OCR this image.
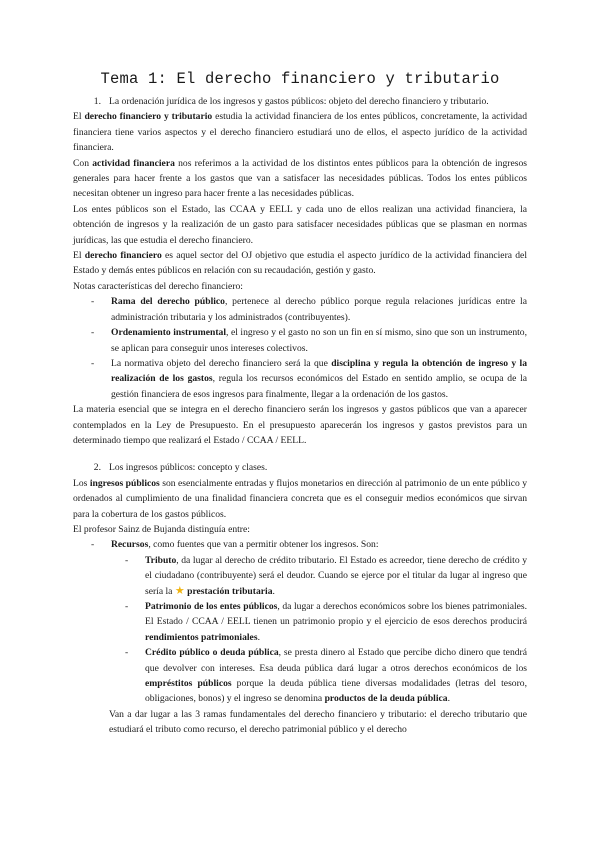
Tema 1: El derecho financiero y tributario
1. La ordenación jurídica de los ingresos y gastos públicos: objeto del derecho financiero y tributario.

El derecho financiero y tributario estudia la actividad financiera de los entes públicos, concretamente, la actividad financiera tiene varios aspectos y el derecho financiero estudiará uno de ellos, el aspecto jurídico de la actividad financiera.

Con actividad financiera nos referimos a la actividad de los distintos entes públicos para la obtención de ingresos generales para hacer frente a los gastos que van a satisfacer las necesidades públicas. Todos los entes públicos necesitan obtener un ingreso para hacer frente a las necesidades públicas.

Los entes públicos son el Estado, las CCAA y EELL y cada uno de ellos realizan una actividad financiera, la obtención de ingresos y la realización de un gasto para satisfacer necesidades públicas que se plasman en normas jurídicas, las que estudia el derecho financiero.

El derecho financiero es aquel sector del OJ objetivo que estudia el aspecto jurídico de la actividad financiera del Estado y demás entes públicos en relación con su recaudación, gestión y gasto.

Notas características del derecho financiero:

-	Rama del derecho público, pertenece al derecho público porque regula relaciones jurídicas entre la administración tributaria y los administrados (contribuyentes).
-	Ordenamiento instrumental, el ingreso y el gasto no son un fin en sí mismo, sino que son un instrumento, se aplican para conseguir unos intereses colectivos.
-	La normativa objeto del derecho financiero será la que disciplina y regula la obtención de ingreso y la realización de los gastos, regula los recursos económicos del Estado en sentido amplio, se ocupa de la gestión financiera de esos ingresos para finalmente, llegar a la ordenación de los gastos.

La materia esencial que se integra en el derecho financiero serán los ingresos y gastos públicos que van a aparecer contemplados en la Ley de Presupuesto. En el presupuesto aparecerán los ingresos y gastos previstos para un determinado tiempo que realizará el Estado / CCAA / EELL.

2. Los ingresos públicos: concepto y clases.

Los ingresos públicos son esencialmente entradas y flujos monetarios en dirección al patrimonio de un ente público y ordenados al cumplimiento de una finalidad financiera concreta que es el conseguir medios económicos que sirvan para la cobertura de los gastos públicos.

El profesor Sainz de Bujanda distinguía entre:

-	Recursos, como fuentes que van a permitir obtener los ingresos. Son:
-	Tributo, da lugar al derecho de crédito tributario. El Estado es acreedor, tiene derecho de crédito y el ciudadano (contribuyente) será el deudor. Cuando se ejerce por el titular da lugar al ingreso que sería la ★ prestación tributaria.
-	Patrimonio de los entes públicos, da lugar a derechos económicos sobre los bienes patrimoniales. El Estado / CCAA / EELL tienen un patrimonio propio y el ejercicio de esos derechos producirá rendimientos patrimoniales.
-	Crédito público o deuda pública, se presta dinero al Estado que percibe dicho dinero que tendrá que devolver con intereses. Esa deuda pública dará lugar a otros derechos económicos de los empréstitos públicos porque la deuda pública tiene diversas modalidades (letras del tesoro, obligaciones, bonos) y el ingreso se denomina productos de la deuda pública.

Van a dar lugar a las 3 ramas fundamentales del derecho financiero y tributario: el derecho tributario que estudiará el tributo como recurso, el derecho patrimonial público y el derecho
